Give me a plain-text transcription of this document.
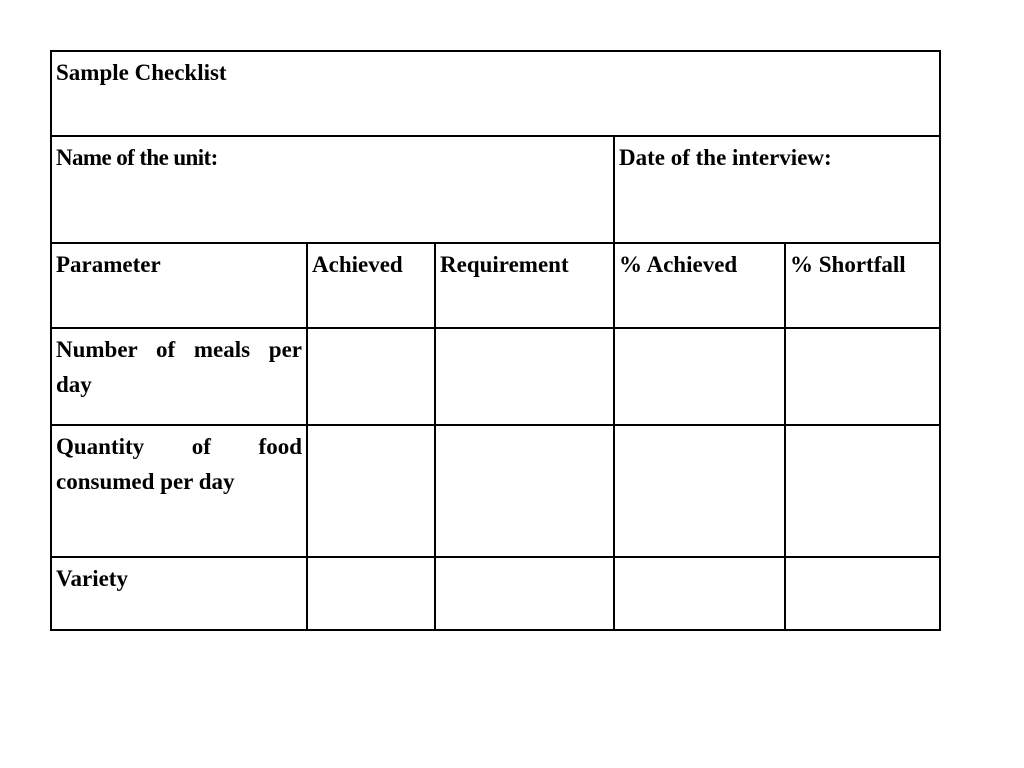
Sample Checklist				
Name of the unit:			Date of the interview:	
Parameter	Achieved	Requirement	% Achieved	% Shortfall
Number of meals per day				
Quantity of food consumed per day				
Variety				
